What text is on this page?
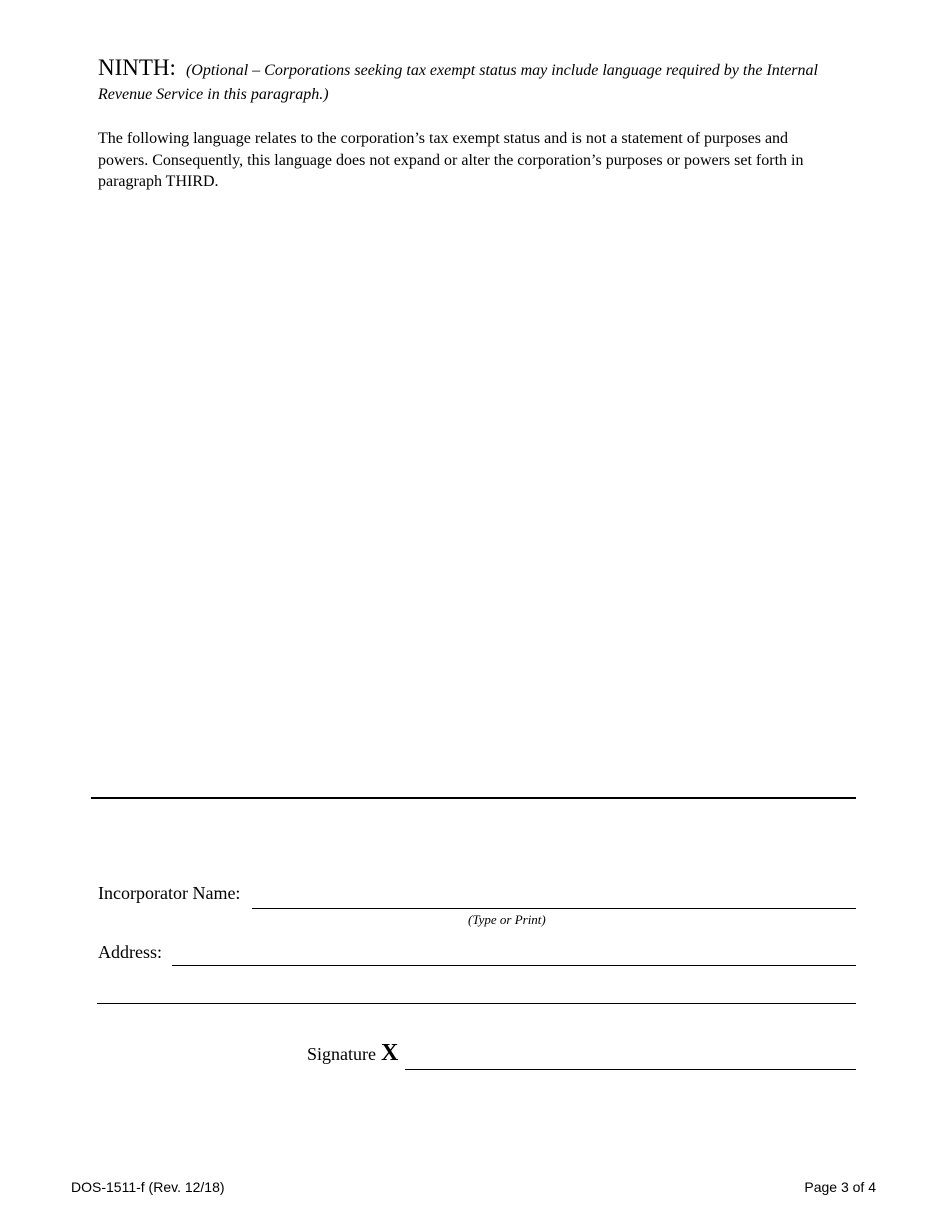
NINTH: (Optional – Corporations seeking tax exempt status may include language required by the Internal Revenue Service in this paragraph.)
The following language relates to the corporation’s tax exempt status and is not a statement of purposes and powers. Consequently, this language does not expand or alter the corporation’s purposes or powers set forth in paragraph THIRD.
Incorporator Name:
(Type or Print)
Address:
Signature X
DOS-1511-f (Rev. 12/18)	Page 3 of 4
